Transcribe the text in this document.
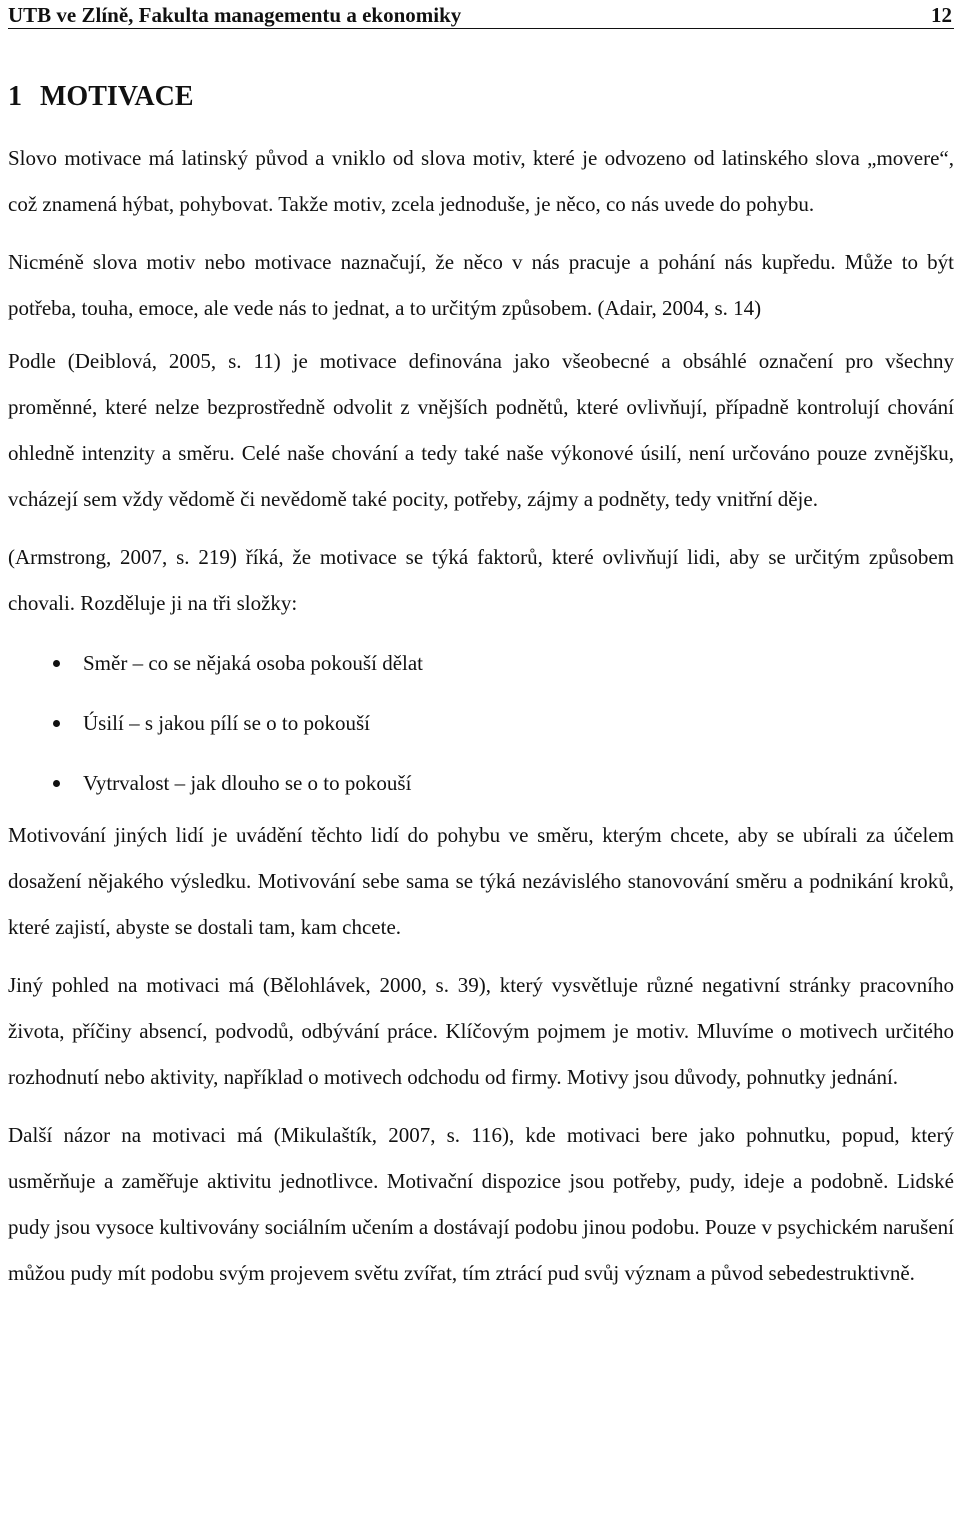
UTB ve Zlíně, Fakulta managementu a ekonomiky	12
1 MOTIVACE

Slovo motivace má latinský původ a vniklo od slova motiv, které je odvozeno od latinského slova „movere“, což znamená hýbat, pohybovat. Takže motiv, zcela jednoduše, je něco, co nás uvede do pohybu.

Nicméně slova motiv nebo motivace naznačují, že něco v nás pracuje a pohání nás kupředu. Může to být potřeba, touha, emoce, ale vede nás to jednat, a to určitým způsobem. (Adair, 2004, s. 14)

Podle (Deiblová, 2005, s. 11) je motivace definována jako všeobecné a obsáhlé označení pro všechny proměnné, které nelze bezprostředně odvolit z vnějších podnětů, které ovlivňují, případně kontrolují chování ohledně intenzity a směru. Celé naše chování a tedy také naše výkonové úsilí, není určováno pouze zvnějšku, vcházejí sem vždy vědomě či nevědomě také pocity, potřeby, zájmy a podněty, tedy vnitřní děje.

(Armstrong, 2007, s. 219) říká, že motivace se týká faktorů, které ovlivňují lidi, aby se určitým způsobem chovali. Rozděluje ji na tři složky:

Směr – co se nějaká osoba pokouší dělat
Úsilí – s jakou pílí se o to pokouší
Vytrvalost – jak dlouho se o to pokouší

Motivování jiných lidí je uvádění těchto lidí do pohybu ve směru, kterým chcete, aby se ubírali za účelem dosažení nějakého výsledku. Motivování sebe sama se týká nezávislého stanovování směru a podnikání kroků, které zajistí, abyste se dostali tam, kam chcete.

Jiný pohled na motivaci má (Bělohlávek, 2000, s. 39), který vysvětluje různé negativní stránky pracovního života, příčiny absencí, podvodů, odbývání práce. Klíčovým pojmem je motiv. Mluvíme o motivech určitého rozhodnutí nebo aktivity, například o motivech odchodu od firmy. Motivy jsou důvody, pohnutky jednání.

Další názor na motivaci má (Mikulaštík, 2007, s. 116), kde motivaci bere jako pohnutku, popud, který usměrňuje a zaměřuje aktivitu jednotlivce. Motivační dispozice jsou potřeby, pudy, ideje a podobně. Lidské pudy jsou vysoce kultivovány sociálním učením a dostávají podobu jinou podobu. Pouze v psychickém narušení můžou pudy mít podobu svým projevem světu zvířat, tím ztrácí pud svůj význam a původ sebedestruktivně.
